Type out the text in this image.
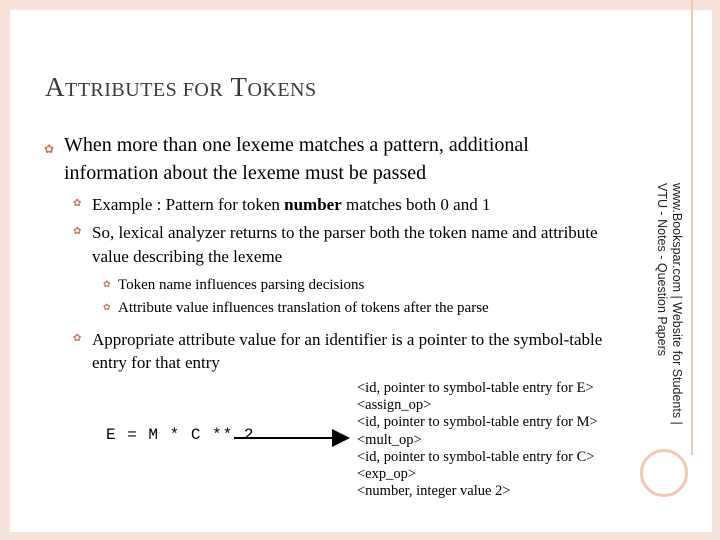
ATTRIBUTES FOR TOKENS
✿ When more than one lexeme matches a pattern, additional
information about the lexeme must be passed
✿ Example : Pattern for token number matches both 0 and 1
✿ So, lexical analyzer returns to the parser both the token name and attribute
value describing the lexeme
✿ Token name influences parsing decisions
✿ Attribute value influences translation of tokens after the parse
✿ Appropriate attribute value for an identifier is a pointer to the symbol-table
entry for that entry	www.Bookspar.com | Website for Students |
VTU - Notes - Question Papers
E = M * C ** 2
<id, pointer to symbol-table entry for E>
<assign_op>
<id, pointer to symbol-table entry for M>
<mult_op>
<id, pointer to symbol-table entry for C>
<exp_op>
<number, integer value 2>
